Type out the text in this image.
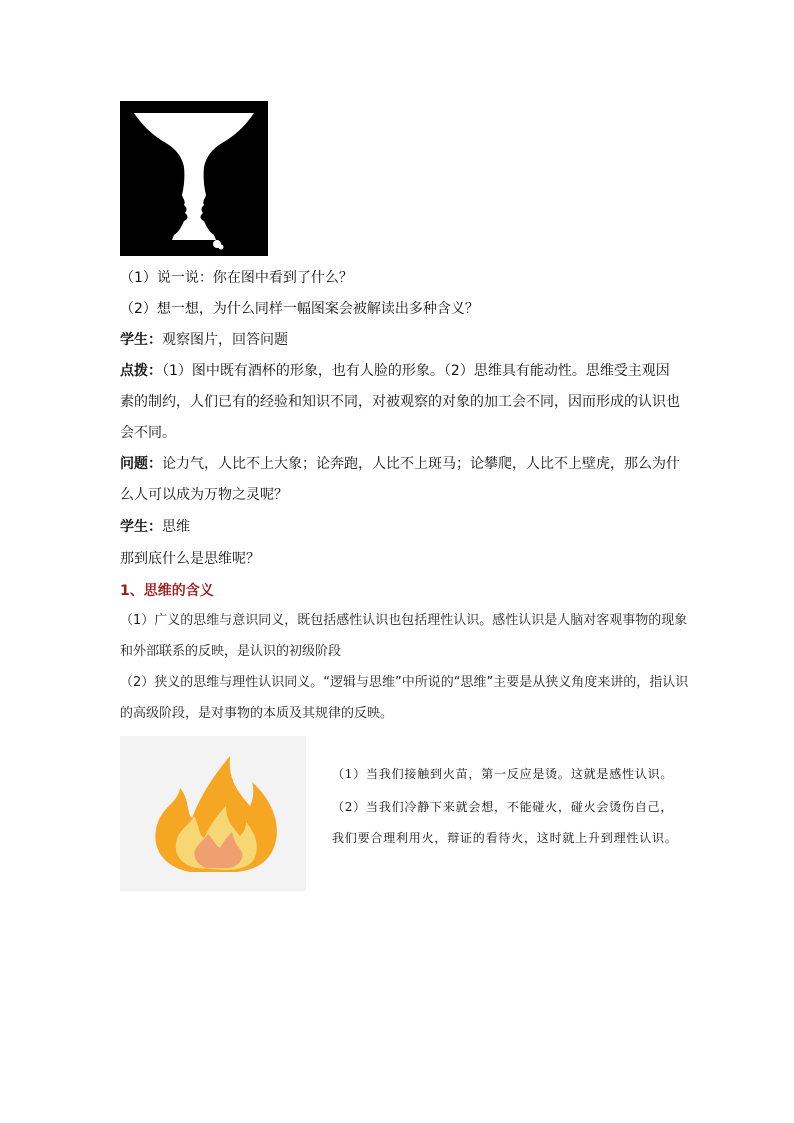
（1）说一说：你在图中看到了什么？
（2）想一想，为什么同样一幅图案会被解读出多种含义？
学生：观察图片，回答问题
点拨：（1）图中既有酒杯的形象，也有人脸的形象。（2）思维具有能动性。思维受主观因素的制约，人们已有的经验和知识不同，对被观察的对象的加工会不同，因而形成的认识也会不同。
问题：论力气，人比不上大象；论奔跑，人比不上斑马；论攀爬，人比不上壁虎，那么为什么人可以成为万物之灵呢？
学生：思维
那到底什么是思维呢？
1、思维的含义
（1）广义的思维与意识同义，既包括感性认识也包括理性认识。感性认识是人脑对客观事物的现象和外部联系的反映，是认识的初级阶段
（2）狭义的思维与理性认识同义。“逻辑与思维”中所说的“思维”主要是从狭义角度来讲的，指认识的高级阶段，是对事物的本质及其规律的反映。
（1）当我们接触到火苗，第一反应是烫。这就是感性认识。
（2）当我们冷静下来就会想，不能碰火，碰火会烫伤自己，
我们要合理利用火，辩证的看待火，这时就上升到理性认识。
